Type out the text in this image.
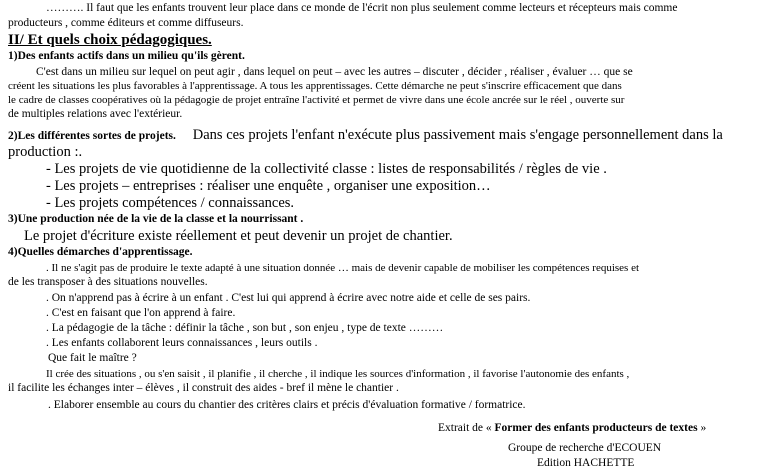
………. Il faut que les enfants trouvent leur place dans ce monde de l'écrit non plus seulement comme lecteurs et récepteurs mais comme
producteurs , comme éditeurs et comme diffuseurs.
II/ Et quels choix pédagogiques.
1)Des enfants actifs dans un milieu qu'ils gèrent.
C'est dans un milieu sur lequel on peut agir , dans lequel on peut – avec les autres – discuter , décider , réaliser , évaluer … que se
créent les situations les plus favorables à l'apprentissage. A tous les apprentissages. Cette démarche ne peut s'inscrire efficacement que dans
le cadre de classes coopératives où la pédagogie de projet entraîne l'activité et permet de vivre dans une école ancrée sur le réel , ouverte sur
de multiples relations avec l'extérieur.
2)Les différentes sortes de projets. Dans ces projets l'enfant n'exécute plus passivement mais s'engage personnellement dans la
production :.
- Les projets de vie quotidienne de la collectivité classe : listes de responsabilités / règles de vie .
- Les projets – entreprises : réaliser une enquête , organiser une exposition…
- Les projets compétences / connaissances.
3)Une production née de la vie de la classe et la nourrissant .
Le projet d'écriture existe réellement et peut devenir un projet de chantier.
4)Quelles démarches d'apprentissage.
. Il ne s'agit pas de produire le texte adapté à une situation donnée … mais de devenir capable de mobiliser les compétences requises et
de les transposer à des situations nouvelles.
. On n'apprend pas à écrire à un enfant . C'est lui qui apprend à écrire avec notre aide et celle de ses pairs.
. C'est en faisant que l'on apprend à faire.
. La pédagogie de la tâche : définir la tâche , son but , son enjeu , type de texte ………
. Les enfants collaborent leurs connaissances , leurs outils .
Que fait le maître ?
Il crée des situations , ou s'en saisit , il planifie , il cherche , il indique les sources d'information , il favorise l'autonomie des enfants ,
il facilite les échanges inter – élèves , il construit des aides - bref il mène le chantier .
. Elaborer ensemble au cours du chantier des critères clairs et précis d'évaluation formative / formatrice.
Extrait de « Former des enfants producteurs de textes »
Groupe de recherche d'ECOUEN
Edition HACHETTE
